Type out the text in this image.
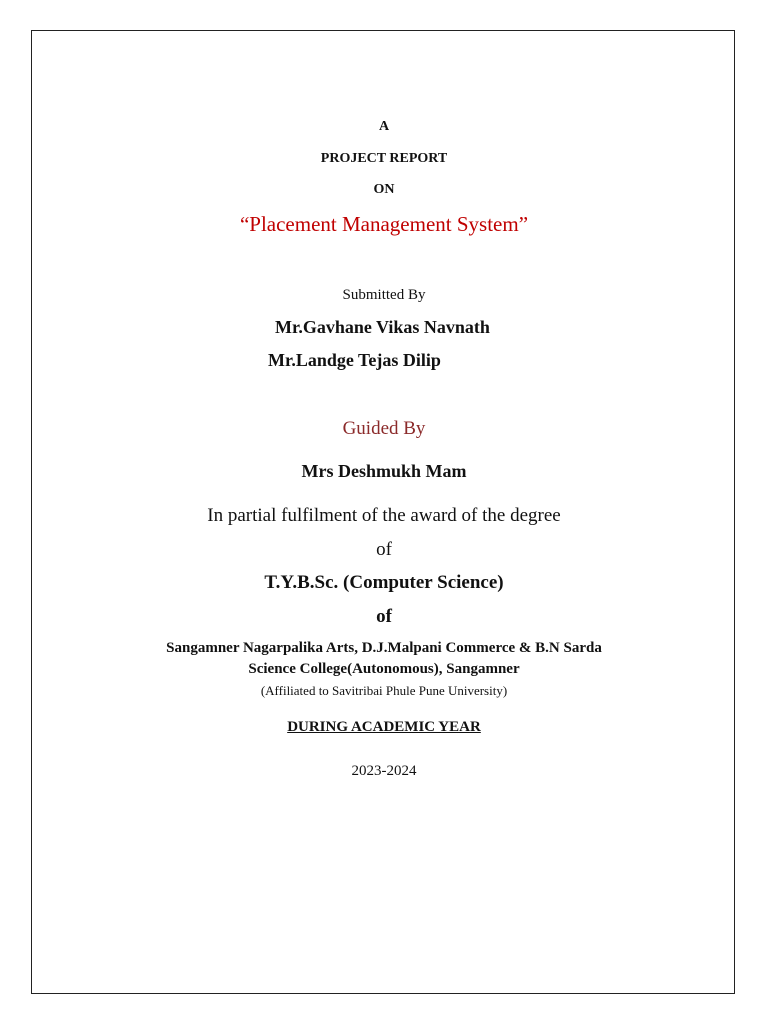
A
PROJECT REPORT
ON
“Placement Management System”
Submitted By
Mr.Gavhane Vikas Navnath
Mr.Landge Tejas Dilip
Guided By
Mrs Deshmukh Mam
In partial fulfilment of the award of the degree
of
T.Y.B.Sc. (Computer Science)
of
Sangamner Nagarpalika Arts, D.J.Malpani Commerce & B.N Sarda
Science College(Autonomous), Sangamner
(Affiliated to Savitribai Phule Pune University)
DURING ACADEMIC YEAR
2023-2024
